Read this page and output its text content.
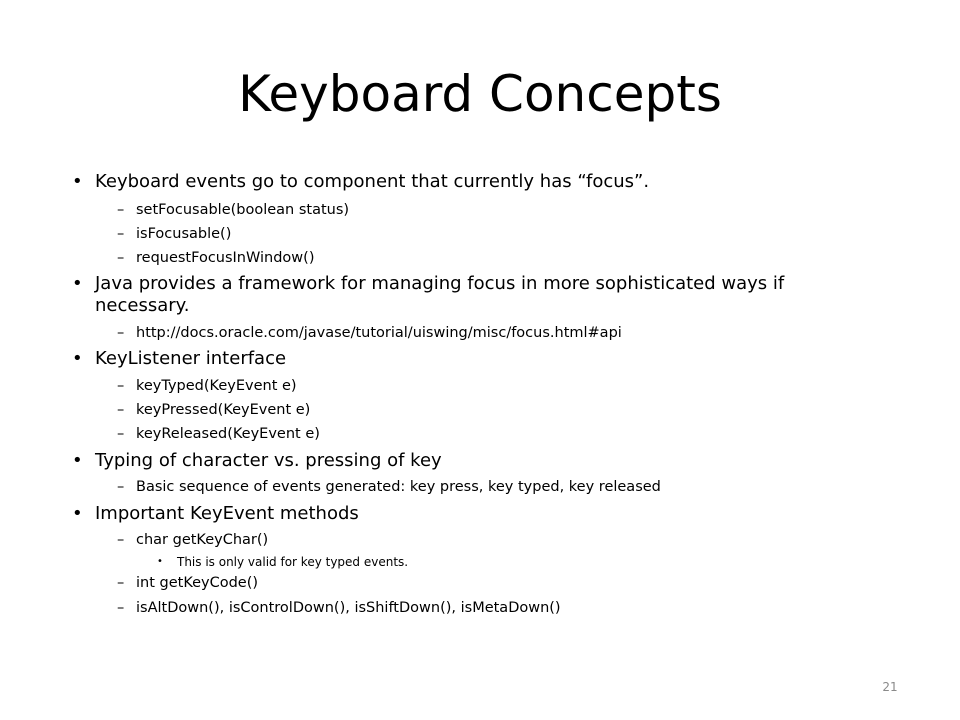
Keyboard Concepts
• Keyboard events go to component that currently has “focus”.
– setFocusable(boolean status)
– isFocusable()
– requestFocusInWindow()
• Java provides a framework for managing focus in more sophisticated ways if
necessary.
– http://docs.oracle.com/javase/tutorial/uiswing/misc/focus.html#api
• KeyListener interface
– keyTyped(KeyEvent e)
– keyPressed(KeyEvent e)
– keyReleased(KeyEvent e)
• Typing of character vs. pressing of key
– Basic sequence of events generated: key press, key typed, key released
• Important KeyEvent methods
– char getKeyChar()
• This is only valid for key typed events.
– int getKeyCode()
– isAltDown(), isControlDown(), isShiftDown(), isMetaDown()
21
